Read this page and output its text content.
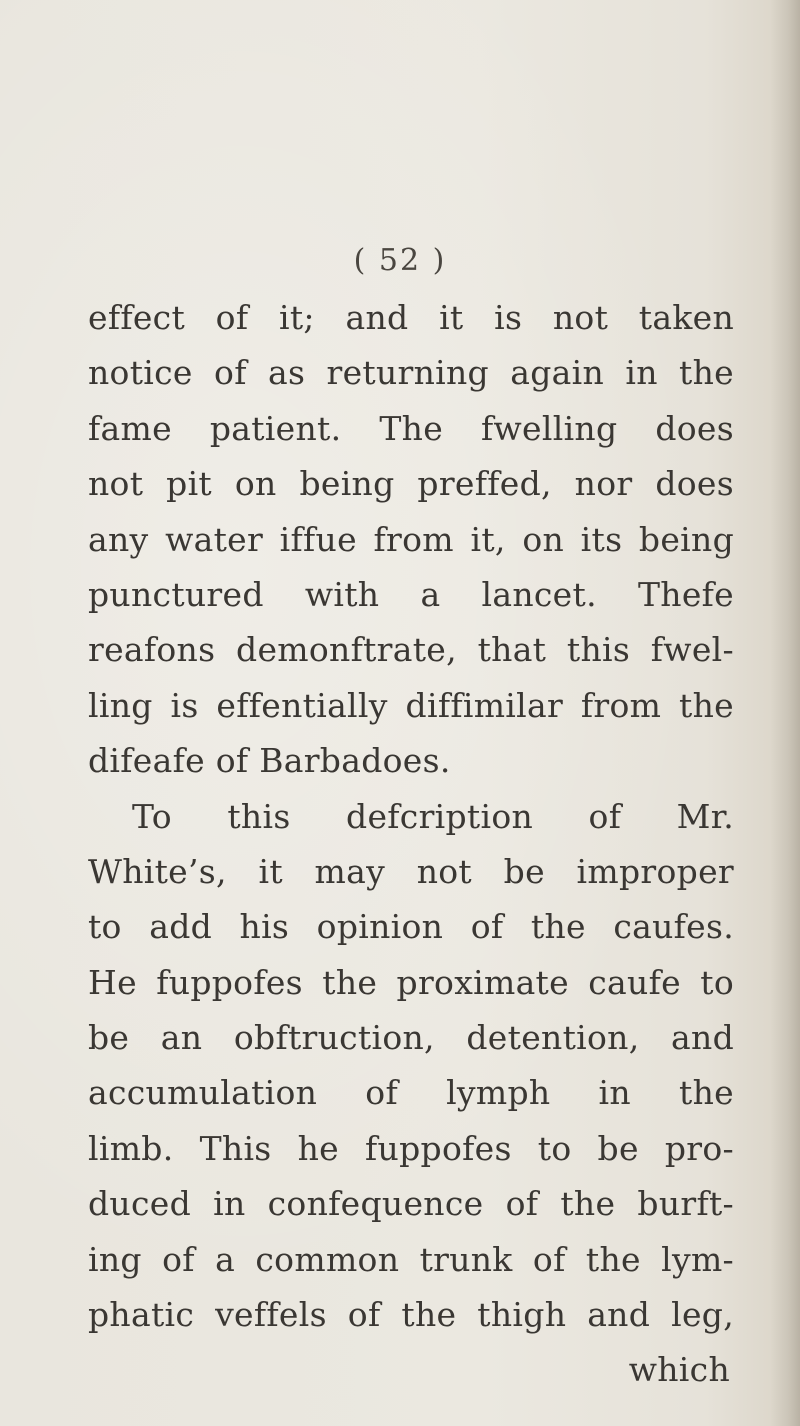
( 52 )
effect of it; and it is not taken
notice of as returning again in the
fame patient. The fwelling does
not pit on being preffed, nor does
any water iffue from it, on its being
punctured with a lancet. Thefe
reafons demonftrate, that this fwel-
ling is effentially diffimilar from the
difeafe of Barbadoes.
To this defcription of Mr.
White’s, it may not be improper
to add his opinion of the caufes.
He fuppofes the proximate caufe to
be an obftruction, detention, and
accumulation of lymph in the
limb. This he fuppofes to be pro-
duced in confequence of the burft-
ing of a common trunk of the lym-
phatic veffels of the thigh and leg,
which
